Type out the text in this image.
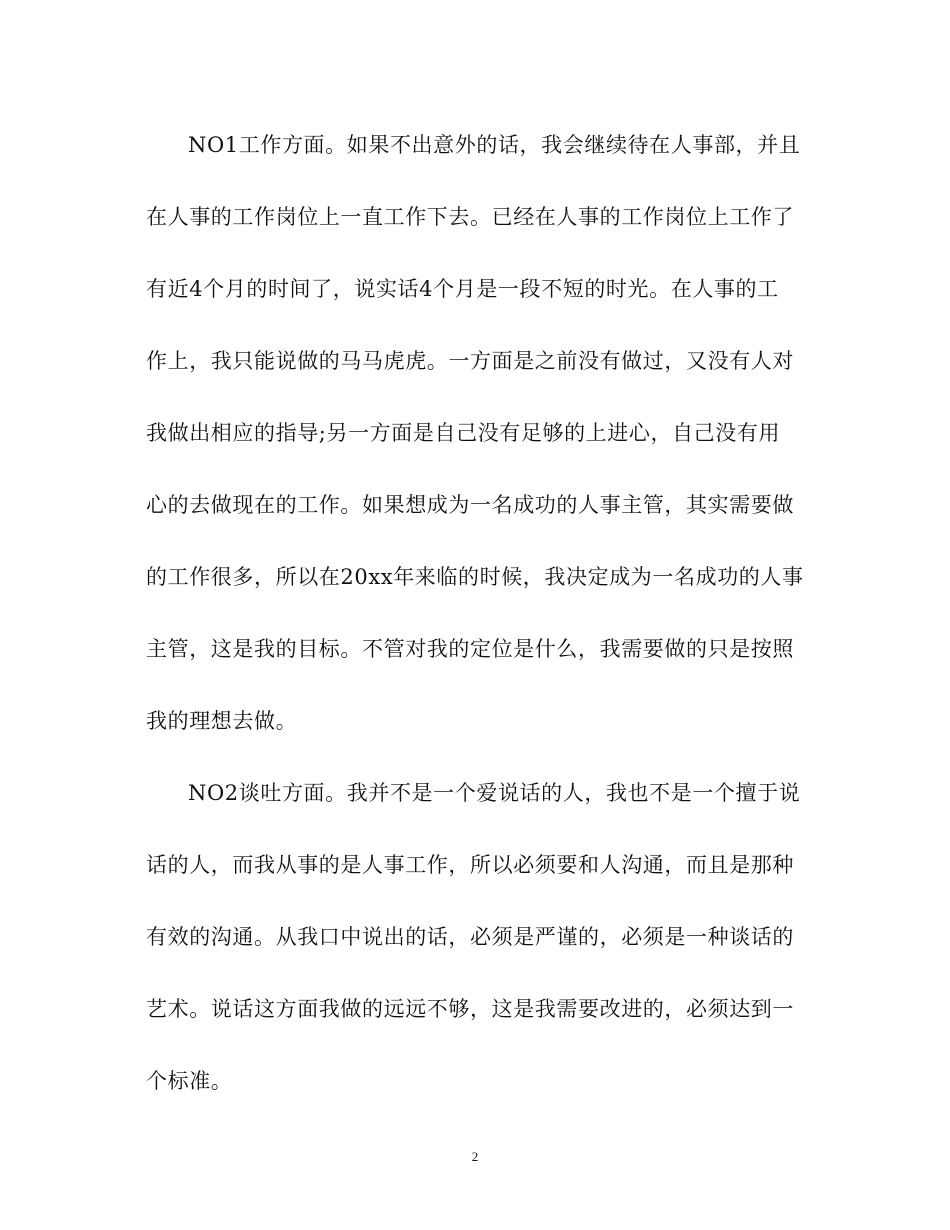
NO1工作方面。如果不出意外的话，我会继续待在人事部，并且
在人事的工作岗位上一直工作下去。已经在人事的工作岗位上工作了
有近4个月的时间了，说实话4个月是一段不短的时光。在人事的工
作上，我只能说做的马马虎虎。一方面是之前没有做过，又没有人对
我做出相应的指导;另一方面是自己没有足够的上进心，自己没有用
心的去做现在的工作。如果想成为一名成功的人事主管，其实需要做
的工作很多，所以在20xx年来临的时候，我决定成为一名成功的人事
主管，这是我的目标。不管对我的定位是什么，我需要做的只是按照
我的理想去做。
NO2谈吐方面。我并不是一个爱说话的人，我也不是一个擅于说
话的人，而我从事的是人事工作，所以必须要和人沟通，而且是那种
有效的沟通。从我口中说出的话，必须是严谨的，必须是一种谈话的
艺术。说话这方面我做的远远不够，这是我需要改进的，必须达到一
个标准。
2
